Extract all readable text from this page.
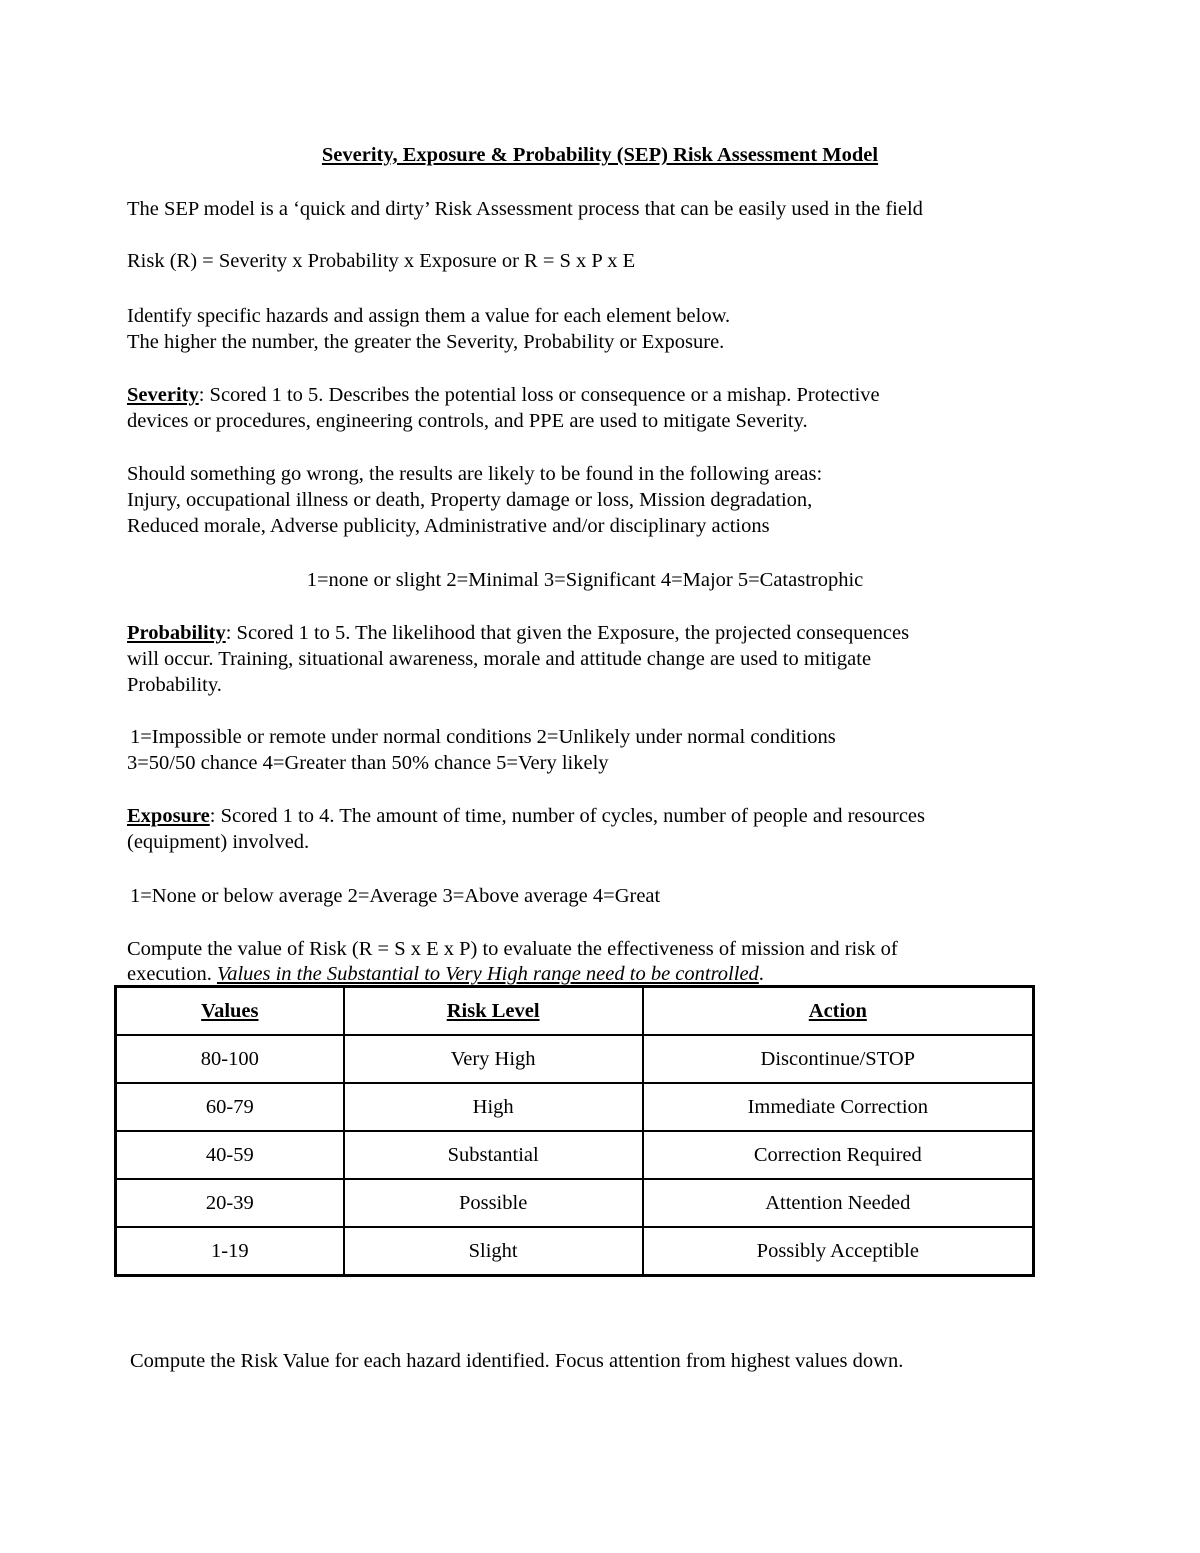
Severity, Exposure & Probability (SEP) Risk Assessment Model

The SEP model is a ‘quick and dirty’ Risk Assessment process that can be easily used in the field

Risk (R) = Severity x Probability x Exposure or R = S x P x E

Identify specific hazards and assign them a value for each element below.

The higher the number, the greater the Severity, Probability or Exposure.

Severity: Scored 1 to 5. Describes the potential loss or consequence or a mishap. Protective

devices or procedures, engineering controls, and PPE are used to mitigate Severity.

Should something go wrong, the results are likely to be found in the following areas:

Injury, occupational illness or death, Property damage or loss, Mission degradation,

Reduced morale, Adverse publicity, Administrative and/or disciplinary actions

1=none or slight 2=Minimal 3=Significant 4=Major 5=Catastrophic

Probability: Scored 1 to 5. The likelihood that given the Exposure, the projected consequences

will occur. Training, situational awareness, morale and attitude change are used to mitigate

Probability.

1=Impossible or remote under normal conditions 2=Unlikely under normal conditions

3=50/50 chance 4=Greater than 50% chance 5=Very likely

Exposure: Scored 1 to 4. The amount of time, number of cycles, number of people and resources

(equipment) involved.

1=None or below average 2=Average 3=Above average 4=Great

Compute the value of Risk (R = S x E x P) to evaluate the effectiveness of mission and risk of

execution. Values in the Substantial to Very High range need to be controlled.

Values	Risk Level	Action
80-100	Very High	Discontinue/STOP
60-79	High	Immediate Correction
40-59	Substantial	Correction Required
20-39	Possible	Attention Needed
1-19	Slight	Possibly Acceptible

Compute the Risk Value for each hazard identified. Focus attention from highest values down.
